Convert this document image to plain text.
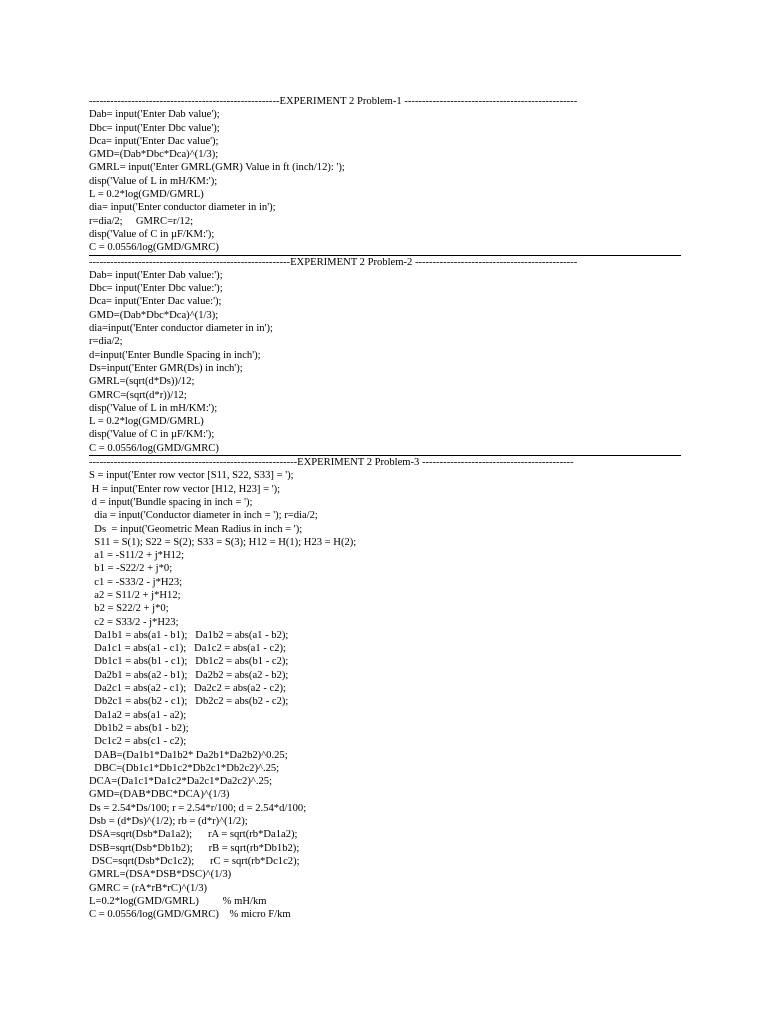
------------------------------------------------------EXPERIMENT 2 Problem-1 -------------------------------------------------
Dab= input('Enter Dab value');
Dbc= input('Enter Dbc value');
Dca= input('Enter Dac value');
GMD=(Dab*Dbc*Dca)^(1/3);
GMRL= input('Enter GMRL(GMR) Value in ft (inch/12): ');
disp('Value of L in mH/KM:');
L = 0.2*log(GMD/GMRL)
dia= input('Enter conductor diameter in in');
r=dia/2;     GMRC=r/12;
disp('Value of C in µF/KM:');
C = 0.0556/log(GMD/GMRC)
---------------------------------------------------------EXPERIMENT 2 Problem-2 ----------------------------------------------
Dab= input('Enter Dab value:');
Dbc= input('Enter Dbc value:');
Dca= input('Enter Dac value:');
GMD=(Dab*Dbc*Dca)^(1/3);
dia=input('Enter conductor diameter in in');
r=dia/2;
d=input('Enter Bundle Spacing in inch');
Ds=input('Enter GMR(Ds) in inch');
GMRL=(sqrt(d*Ds))/12;
GMRC=(sqrt(d*r))/12;
disp('Value of L in mH/KM:');
L = 0.2*log(GMD/GMRL)
disp('Value of C in µF/KM:');
C = 0.0556/log(GMD/GMRC)
-----------------------------------------------------------EXPERIMENT 2 Problem-3 -------------------------------------------
S = input('Enter row vector [S11, S22, S33] = ');
H = input('Enter row vector [H12, H23] = ');
d = input('Bundle spacing in inch = ');
dia = input('Conductor diameter in inch = '); r=dia/2;
Ds  = input('Geometric Mean Radius in inch = ');
S11 = S(1); S22 = S(2); S33 = S(3); H12 = H(1); H23 = H(2);
a1 = -S11/2 + j*H12;
b1 = -S22/2 + j*0;
c1 = -S33/2 - j*H23;
a2 = S11/2 + j*H12;
b2 = S22/2 + j*0;
c2 = S33/2 - j*H23;
Da1b1 = abs(a1 - b1);   Da1b2 = abs(a1 - b2);
Da1c1 = abs(a1 - c1);   Da1c2 = abs(a1 - c2);
Db1c1 = abs(b1 - c1);   Db1c2 = abs(b1 - c2);
Da2b1 = abs(a2 - b1);   Da2b2 = abs(a2 - b2);
Da2c1 = abs(a2 - c1);   Da2c2 = abs(a2 - c2);
Db2c1 = abs(b2 - c1);   Db2c2 = abs(b2 - c2);
Da1a2 = abs(a1 - a2);
Db1b2 = abs(b1 - b2);
Dc1c2 = abs(c1 - c2);
DAB=(Da1b1*Da1b2* Da2b1*Da2b2)^0.25;
DBC=(Db1c1*Db1c2*Db2c1*Db2c2)^.25;
DCA=(Da1c1*Da1c2*Da2c1*Da2c2)^.25;
GMD=(DAB*DBC*DCA)^(1/3)
Ds = 2.54*Ds/100; r = 2.54*r/100; d = 2.54*d/100;
Dsb = (d*Ds)^(1/2); rb = (d*r)^(1/2);
DSA=sqrt(Dsb*Da1a2);      rA = sqrt(rb*Da1a2);
DSB=sqrt(Dsb*Db1b2);      rB = sqrt(rb*Db1b2);
DSC=sqrt(Dsb*Dc1c2);      rC = sqrt(rb*Dc1c2);
GMRL=(DSA*DSB*DSC)^(1/3)
GMRC = (rA*rB*rC)^(1/3)
L=0.2*log(GMD/GMRL)         % mH/km
C = 0.0556/log(GMD/GMRC)    % micro F/km
